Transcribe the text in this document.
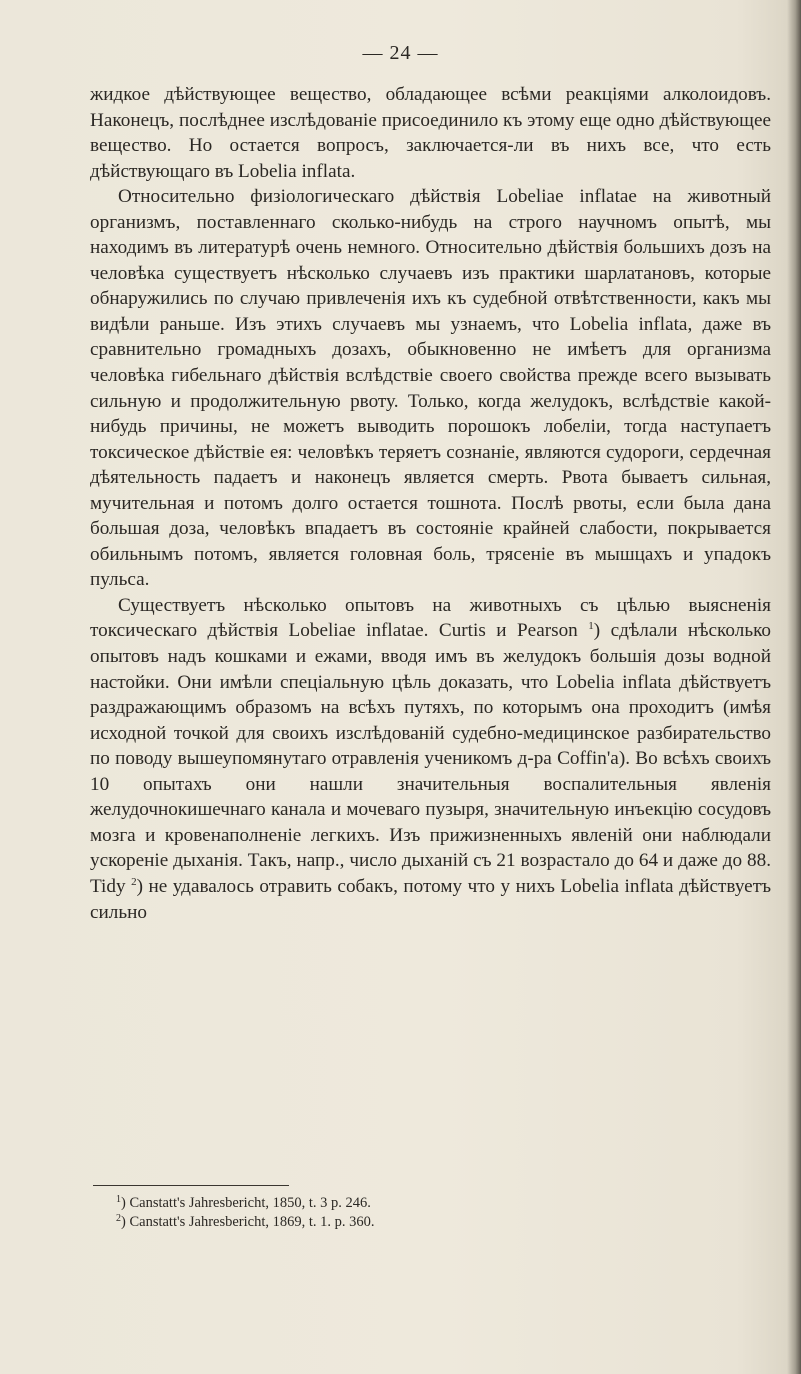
— 24 —

жидкое дѣйствующее вещество, обладающее всѣми реакціями алколоидовъ. Наконецъ, послѣднее изслѣдованіе присоединило къ этому еще одно дѣйствующее вещество. Но остается вопросъ, заключается-ли въ нихъ все, что есть дѣйствующаго въ Lobelia inflata.

Относительно физіологическаго дѣйствія Lobeliae inflatae на животный организмъ, поставленнаго сколько-нибудь на строго научномъ опытѣ, мы находимъ въ литературѣ очень немного. Относительно дѣйствія большихъ дозъ на человѣка существуетъ нѣсколько случаевъ изъ практики шарлатановъ, которые обнаружились по случаю привлеченія ихъ къ судебной отвѣтственности, какъ мы видѣли раньше. Изъ этихъ случаевъ мы узнаемъ, что Lobelia inflata, даже въ сравнительно громадныхъ дозахъ, обыкновенно не имѣетъ для организма человѣка гибельнаго дѣйствія вслѣдствіе своего свойства прежде всего вызывать сильную и продолжительную рвоту. Только, когда желудокъ, вслѣдствіе какой-нибудь причины, не можетъ выводить порошокъ лобеліи, тогда наступаетъ токсическое дѣйствіе ея: человѣкъ теряетъ сознаніе, являются судороги, сердечная дѣятельность падаетъ и наконецъ является смерть. Рвота бываетъ сильная, мучительная и потомъ долго остается тошнота. Послѣ рвоты, если была дана большая доза, человѣкъ впадаетъ въ состояніе крайней слабости, покрывается обильнымъ потомъ, является головная боль, трясеніе въ мышцахъ и упадокъ пульса.

Существуетъ нѣсколько опытовъ на животныхъ съ цѣлью выясненія токсическаго дѣйствія Lobeliae inflatae. Curtis и Pearson $^1$) сдѣлали нѣсколько опытовъ надъ кошками и ежами, вводя имъ въ желудокъ большія дозы водной настойки. Они имѣли спеціальную цѣль доказать, что Lobelia inflata дѣйствуетъ раздражающимъ образомъ на всѣхъ путяхъ, по которымъ она проходитъ (имѣя исходной точкой для своихъ изслѣдованій судебно-медицинское разбирательство по поводу вышеупомянутаго отравленія ученикомъ д-ра Coffin'a). Во всѣхъ своихъ 10 опытахъ они нашли значительныя воспалительныя явленія желудочнокишечнаго канала и мочеваго пузыря, значительную инъекцію сосудовъ мозга и кровенаполненіе легкихъ. Изъ прижизненныхъ явленій они наблюдали ускореніе дыханія. Такъ, напр., число дыханій съ 21 возрастало до 64 и даже до 88. Tidy $^2$) не удавалось отравить собакъ, потому что у нихъ Lobelia inflata дѣйствуетъ сильно

$^1$) Canstatt's Jahresbericht, 1850, t. 3 p. 246.
$^2$) Canstatt's Jahresbericht, 1869, t. 1. p. 360.
